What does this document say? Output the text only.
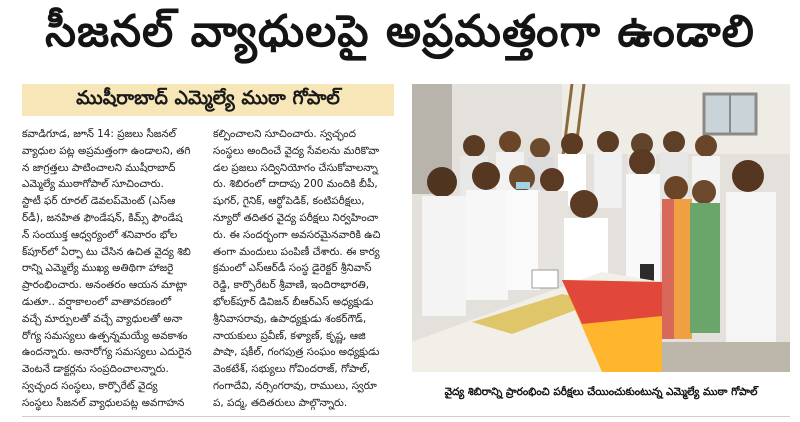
సీజనల్ వ్యాధులపై అప్రమత్తంగా ఉండాలి
ముషీరాబాద్ ఎమ్మెల్యే ముఠా గోపాల్
కవాడిగూడ, జూన్ 14: ప్రజలు సీజనల్
వ్యాధుల పట్ల అప్రమత్తంగా ఉండాలని, తగి
న జాగ్రత్తలు పాటించాలని ముషీరాబాద్
ఎమ్మెల్యే ముఠాగోపాల్ సూచించారు.
స్టాటీ ఫర్ రూరల్ డెవలప్‌మెంట్ (ఎస్ఆ
ర్‌డీ), జనహిత ఫౌండేషన్, కిమ్స్ ఫౌండేష
న్ సంయుక్త ఆధ్వర్యంలో శనివారం భోల
క్‌పూర్‌లో ఏర్పా టు చేసిన ఉచిత వైద్య శిబి
రాన్ని ఎమ్మెల్యే ముఖ్య అతిథిగా హాజరై
ప్రారంభించారు. అనంతరం ఆయన మాట్లా
డుతూ.. వర్షాకాలంలో వాతావరణంలో
వచ్చే మార్పులతో వచ్చే వ్యాధులతో అనా
రోగ్య సమస్యలు ఉత్పన్నమయ్యే అవకాశం
ఉందన్నారు. అనారోగ్య సమస్యలు ఎదురైన
వెంటనే డాక్టర్లను సంప్రదించాలన్నారు.
స్వచ్ఛంద సంస్థలు, కార్పొరేట్ వైద్య
సంస్థలు సీజనల్ వ్యాధులపట్ల అవగాహన
కల్పించాలని సూచించారు. స్వచ్ఛంద
సంస్థలు అందించే వైద్య సేవలను మరికొవా
డల ప్రజలు సద్వినియోగం చేసుకోవాలన్నా
రు. శిబిరంలో దాదాపు 200 మందికి బీపీ,
షుగర్, గైనిక్, ఆర్థోపెడిక్, కంటిపరీక్షలు,
న్యూరో తదితర వైద్య పరీక్షలు నిర్వహించా
రు. ఈ సందర్భంగా అవసరమైనవారికి ఉచి
తంగా మందులు పంపిణీ చేశారు. ఈ కార్య
క్రమంలో ఎస్ఆర్‌డీ సంస్థ డైరెక్టర్ శ్రీనివాస్
రెడ్డి, కార్పొరేటర్ శ్రీవాణి, ఇందిరాభారతి,
భోలక్‌పూర్ డివిజన్ బీఆర్ఎస్ అధ్యక్షుడు
శ్రీనివాసరావు, ఉపాధ్యక్షుడు శంకర్‌గౌడ్,
నాయకులు ప్రవీణ్, కళ్యాణ్, కృష్ణ, ఆజి
పాషా, షకీల్, గంగపుత్ర సంఘం అధ్యక్షుడు
వెంకటేశ్, సభ్యులు గోవిందరాజ్, గోపాల్,
గంగాదేవి, నర్సింగరావు, రాములు, స్వరూ
ప, పద్మ, తదితరులు పాల్గొన్నారు.
వైద్య శిబిరాన్ని ప్రారంభించి పరీక్షలు చేయించుకుంటున్న ఎమ్మెల్యే ముఠా గోపాల్
